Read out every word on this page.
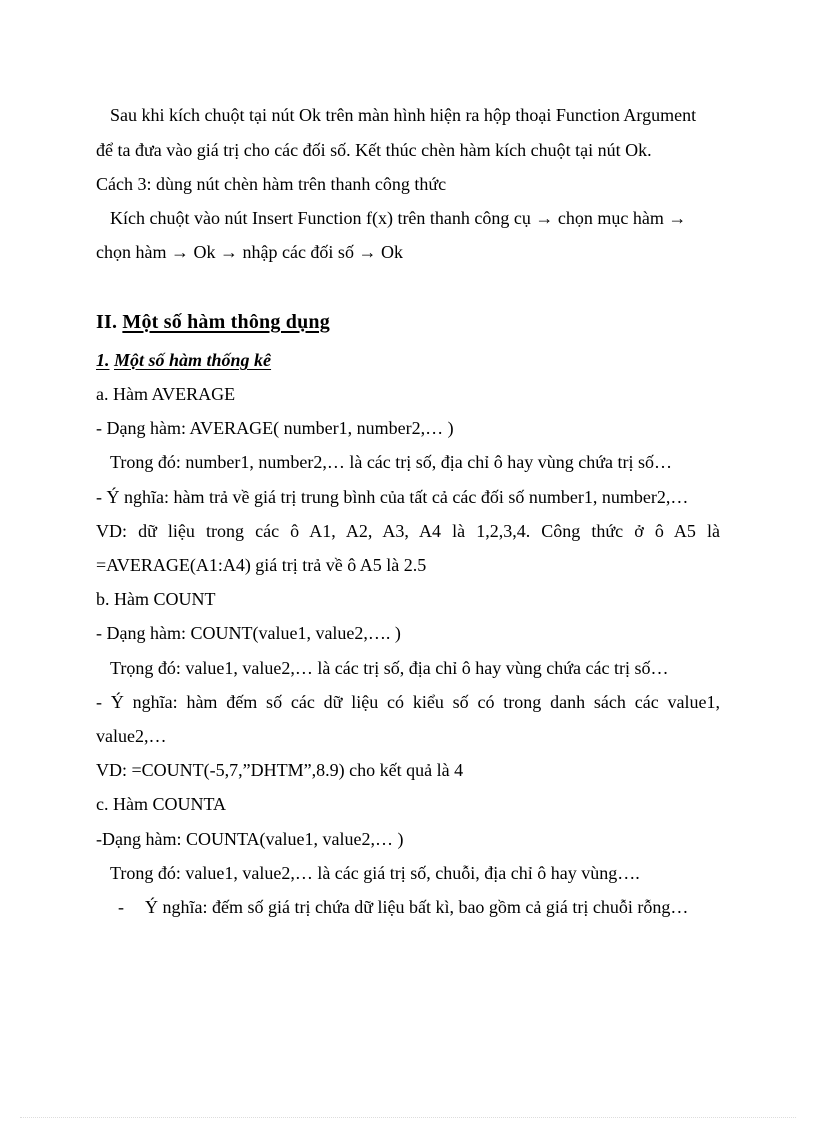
Sau khi kích chuột tại nút Ok trên màn hình hiện ra hộp thoại Function Argument
để ta đưa vào giá trị cho các đối số. Kết thúc chèn hàm kích chuột tại nút Ok.
Cách 3: dùng nút chèn hàm trên thanh công thức
Kích chuột vào nút Insert Function f(x) trên thanh công cụ → chọn mục hàm →
chọn hàm → Ok → nhập các đối số → Ok
II. Một số hàm thông dụng
1. Một số hàm thống kê
a. Hàm AVERAGE
- Dạng hàm: AVERAGE( number1, number2,… )
Trong đó: number1, number2,… là các trị số, địa chỉ ô hay vùng chứa trị số…
- Ý nghĩa: hàm trả về giá trị trung bình của tất cả các đối số number1, number2,…
VD: dữ liệu trong các ô A1, A2, A3, A4 là 1,2,3,4. Công thức ở ô A5 là
=AVERAGE(A1:A4) giá trị trả về ô A5 là 2.5
b. Hàm COUNT
- Dạng hàm: COUNT(value1, value2,…. )
Trọng đó: value1, value2,… là các trị số, địa chỉ ô hay vùng chứa các trị số…
- Ý nghĩa: hàm đếm số các dữ liệu có kiểu số có trong danh sách các value1,
value2,…
VD: =COUNT(-5,7,”DHTM”,8.9) cho kết quả là 4
c. Hàm COUNTA
-Dạng hàm: COUNTA(value1, value2,… )
Trong đó: value1, value2,… là các giá trị số, chuỗi, địa chỉ ô hay vùng….
- Ý nghĩa: đếm số giá trị chứa dữ liệu bất kì, bao gồm cả giá trị chuỗi rỗng…
